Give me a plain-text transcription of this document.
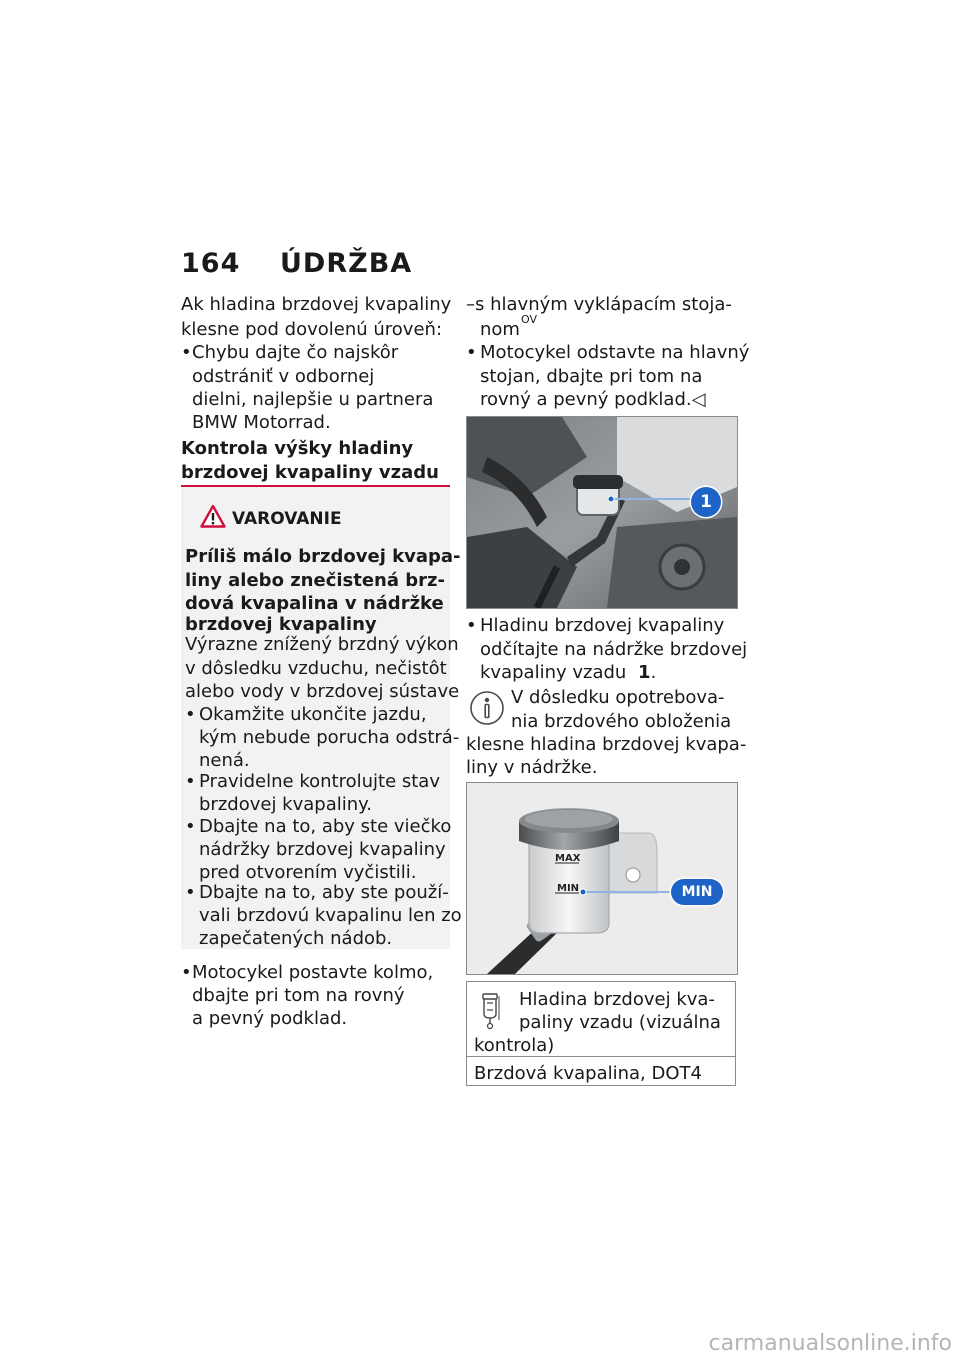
164 ÚDRŽBA
Ak hladina brzdovej kvapaliny
klesne pod dovolenú úroveň:
• Chybu dajte čo najskôr
odstrániť v odbornej
dielni, najlepšie u partnera
BMW Motorrad.
Kontrola výšky hladiny
brzdovej kvapaliny vzadu
VAROVANIE
Príliš málo brzdovej kvapa-
liny alebo znečistená brz-
dová kvapalina v nádržke
brzdovej kvapaliny
Výrazne znížený brzdný výkon
v dôsledku vzduchu, nečistôt
alebo vody v brzdovej sústave
• Okamžite ukončite jazdu,
kým nebude porucha odstrá-
nená.
• Pravidelne kontrolujte stav
brzdovej kvapaliny.
• Dbajte na to, aby ste viečko
nádržky brzdovej kvapaliny
pred otvorením vyčistili.
• Dbajte na to, aby ste použí-
vali brzdovú kvapalinu len zo
zapečatených nádob.
• Motocykel postavte kolmo,
dbajte pri tom na rovný
a pevný podklad.
–s hlavným vyklápacím stoja-
nom OV
• Motocykel odstavte na hlavný
stojan, dbajte pri tom na
rovný a pevný podklad.◁
1
• Hladinu brzdovej kvapaliny
odčítajte na nádržke brzdovej
kvapaliny vzadu 1.
V dôsledku opotrebova-
nia brzdového obloženia
klesne hladina brzdovej kvapa-
liny v nádržke.
MAX
MIN	MIN
Hladina brzdovej kva-
paliny vzadu (vizuálna
kontrola)
Brzdová kvapalina, DOT4
carmanualsonline.info
